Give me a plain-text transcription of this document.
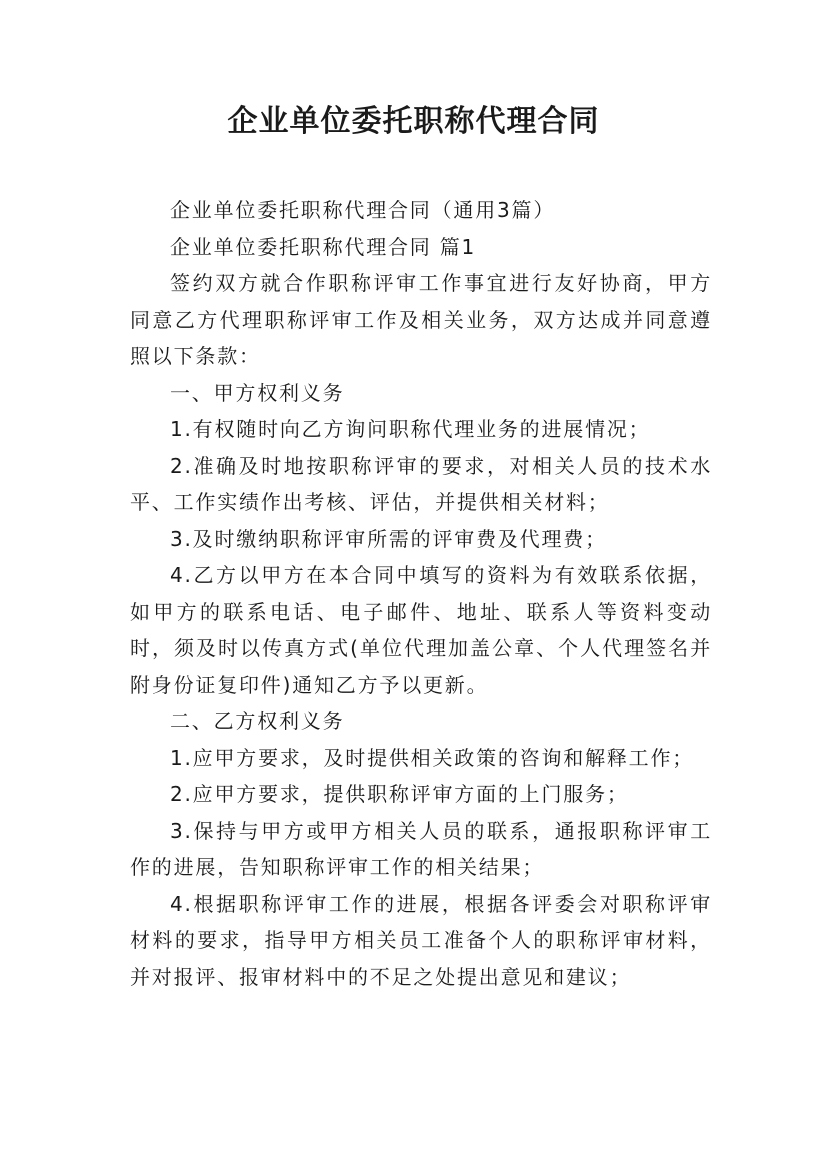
企业单位委托职称代理合同

企业单位委托职称代理合同（通用3篇）

企业单位委托职称代理合同 篇1

签约双方就合作职称评审工作事宜进行友好协商，甲方同意乙方代理职称评审工作及相关业务，双方达成并同意遵照以下条款：

一、甲方权利义务

1.有权随时向乙方询问职称代理业务的进展情况；

2.准确及时地按职称评审的要求，对相关人员的技术水平、工作实绩作出考核、评估，并提供相关材料；

3.及时缴纳职称评审所需的评审费及代理费；

4.乙方以甲方在本合同中填写的资料为有效联系依据，如甲方的联系电话、电子邮件、地址、联系人等资料变动时，须及时以传真方式(单位代理加盖公章、个人代理签名并附身份证复印件)通知乙方予以更新。

二、乙方权利义务

1.应甲方要求，及时提供相关政策的咨询和解释工作；

2.应甲方要求，提供职称评审方面的上门服务；

3.保持与甲方或甲方相关人员的联系，通报职称评审工作的进展，告知职称评审工作的相关结果；

4.根据职称评审工作的进展，根据各评委会对职称评审材料的要求，指导甲方相关员工准备个人的职称评审材料，并对报评、报审材料中的不足之处提出意见和建议；
